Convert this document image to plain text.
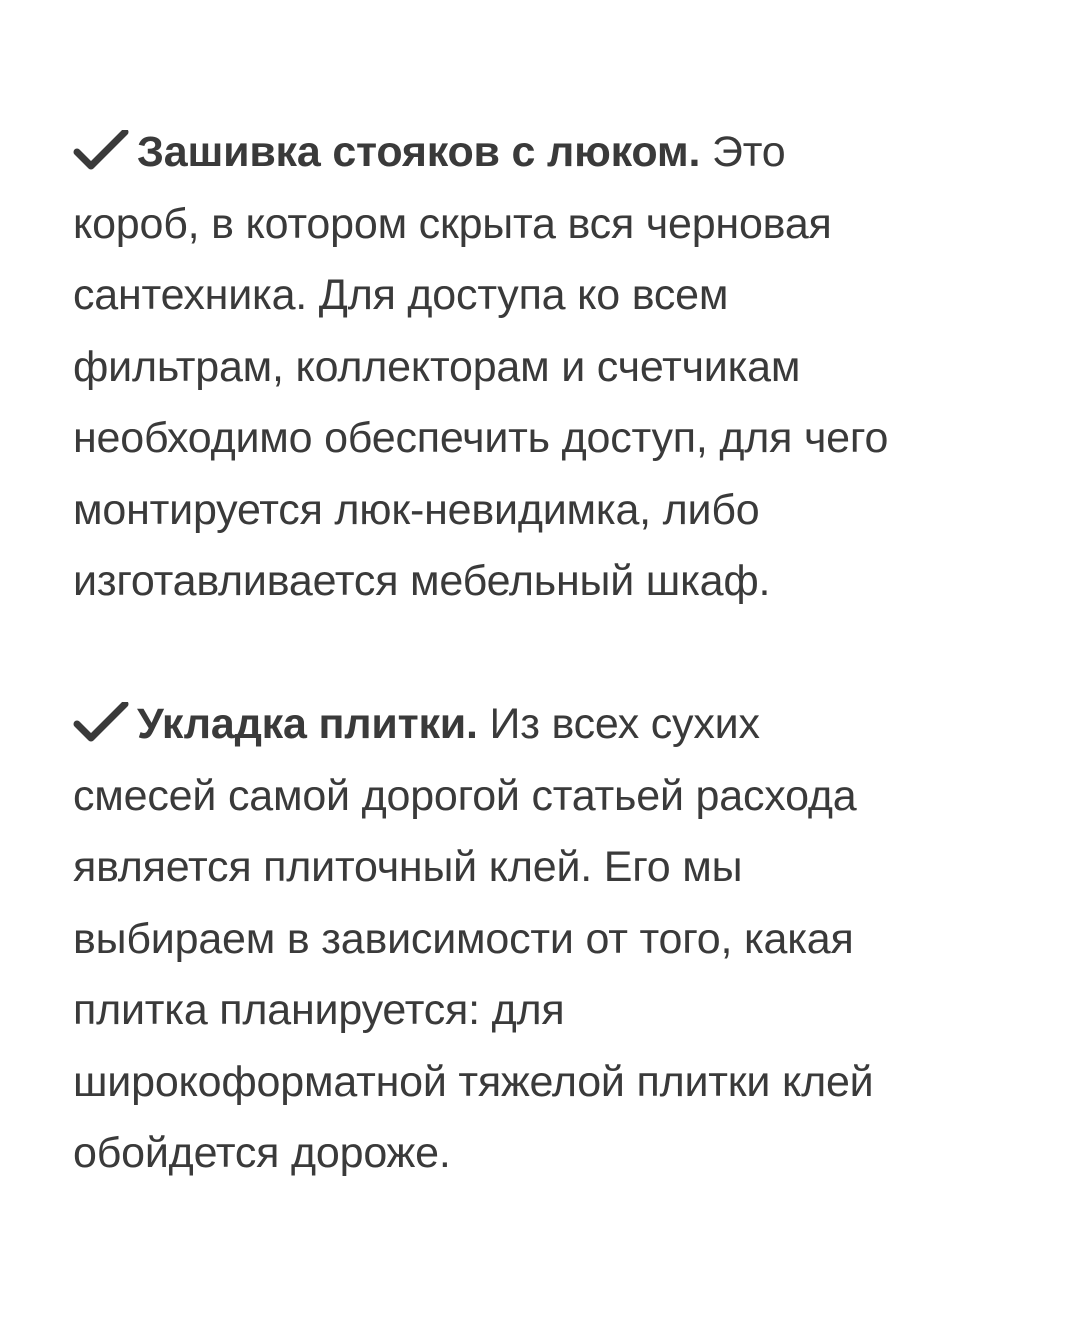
Зашивка стояков с люком. Это
короб, в котором скрыта вся черновая
сантехника. Для доступа ко всем
фильтрам, коллекторам и счетчикам
необходимо обеспечить доступ, для чего
монтируется люк-невидимка, либо
изготавливается мебельный шкаф.

Укладка плитки. Из всех сухих
смесей самой дорогой статьей расхода
является плиточный клей. Его мы
выбираем в зависимости от того, какая
плитка планируется: для
широкоформатной тяжелой плитки клей
обойдется дороже.
